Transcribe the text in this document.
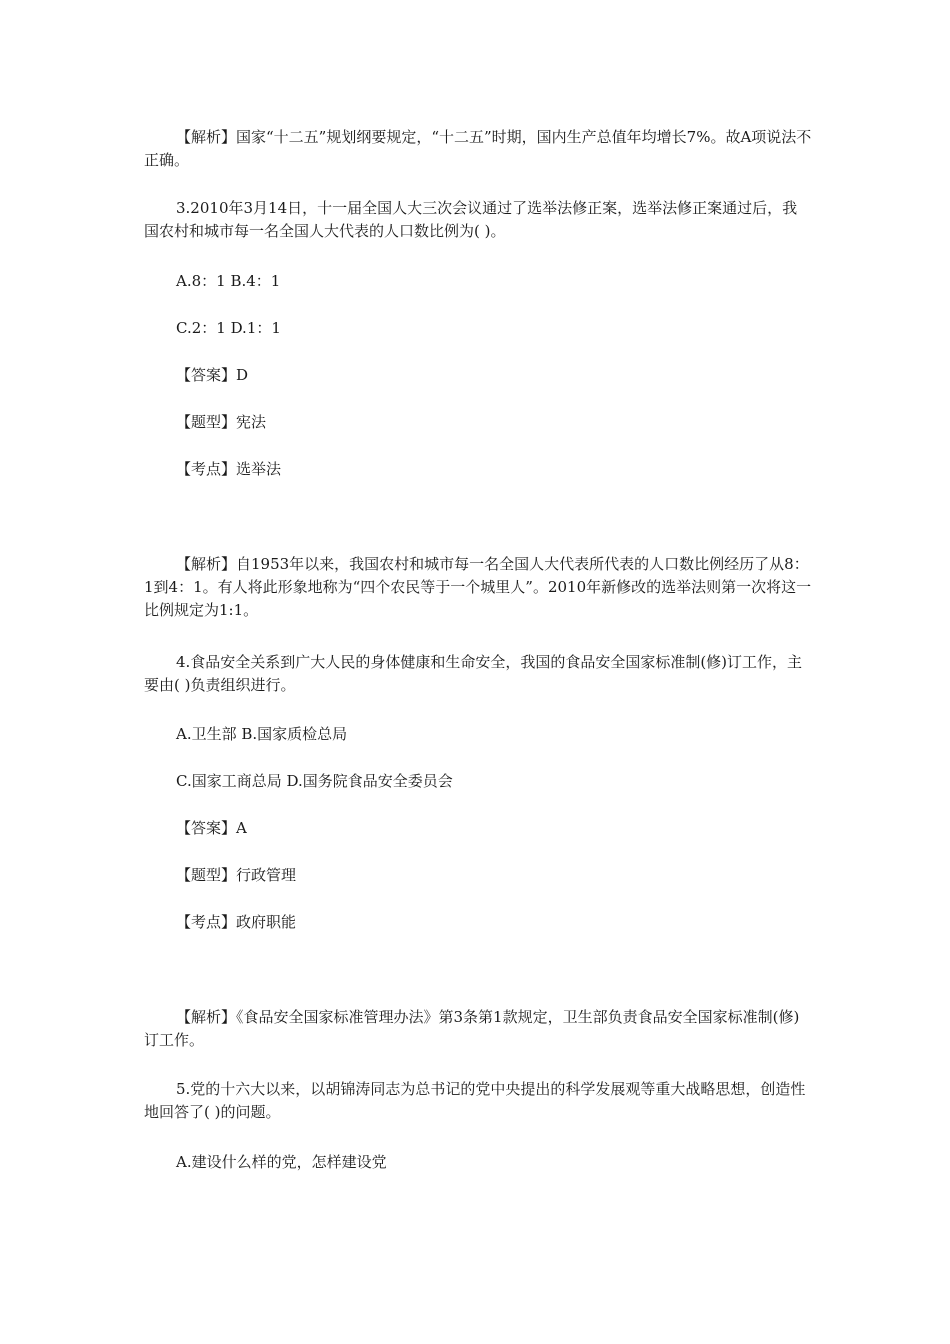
【解析】国家“十二五”规划纲要规定，“十二五”时期，国内生产总值年均增长7%。故A项说法不正确。

3.2010年3月14日，十一届全国人大三次会议通过了选举法修正案，选举法修正案通过后，我国农村和城市每一名全国人大代表的人口数比例为( )。

A.8：1 B.4：1

C.2：1 D.1：1

【答案】D

【题型】宪法

【考点】选举法

【解析】自1953年以来，我国农村和城市每一名全国人大代表所代表的人口数比例经历了从8：1到4：1。有人将此形象地称为“四个农民等于一个城里人”。2010年新修改的选举法则第一次将这一比例规定为1:1。

4.食品安全关系到广大人民的身体健康和生命安全，我国的食品安全国家标准制(修)订工作，主要由( )负责组织进行。

A.卫生部 B.国家质检总局

C.国家工商总局 D.国务院食品安全委员会

【答案】A

【题型】行政管理

【考点】政府职能

【解析】《食品安全国家标准管理办法》第3条第1款规定，卫生部负责食品安全国家标准制(修)订工作。

5.党的十六大以来，以胡锦涛同志为总书记的党中央提出的科学发展观等重大战略思想，创造性地回答了( )的问题。

A.建设什么样的党，怎样建设党
